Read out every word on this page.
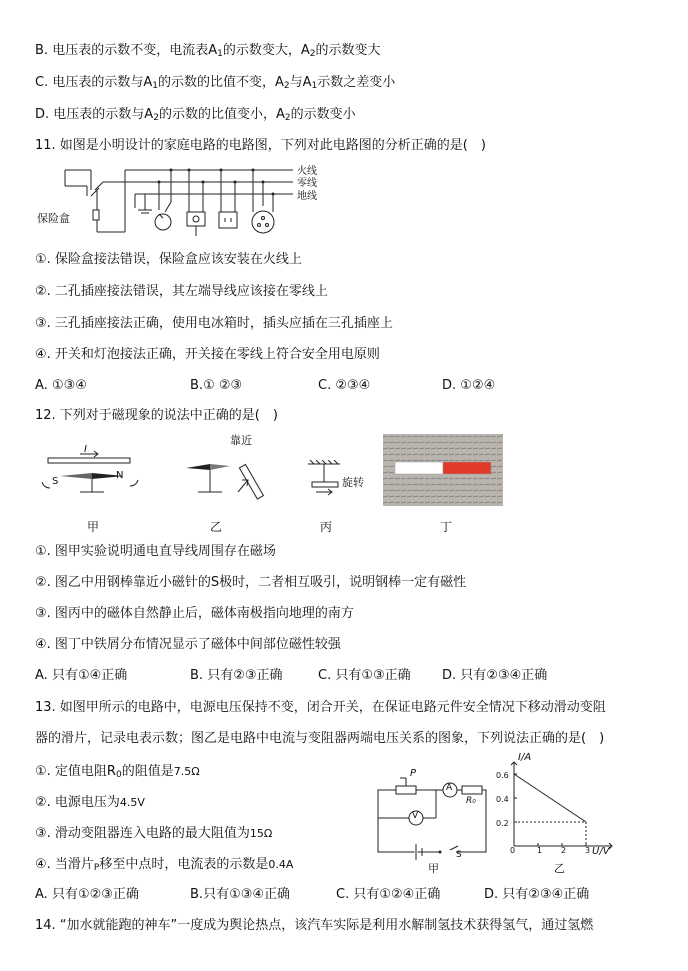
B. 电压表的示数不变，电流表$A_1$的示数变大，$A_2$的示数变大
C. 电压表的示数与$A_1$的示数的比值不变，$A_2$与$A_1$示数之差变小
D. 电压表的示数与$A_2$的示数的比值变小，$A_2$的示数变小
11. 如图是小明设计的家庭电路的电路图，下列对此电路图的分析正确的是(　)
火线
零线
地线
保险盒
①. 保险盒接法错误，保险盒应该安装在火线上
②. 二孔插座接法错误，其左端导线应该接在零线上
③. 三孔插座接法正确，使用电冰箱时，插头应插在三孔插座上
④. 开关和灯泡接法正确，开关接在零线上符合安全用电原则
A. ①③④	B.① ②③	C. ②③④	D. ①②④
12. 下列对于磁现象的说法中正确的是(　)
I
S
N
靠近
旋转
甲	乙	丙	丁
①. 图甲实验说明通电直导线周围存在磁场
②. 图乙中用钢棒靠近小磁针的S极时，二者相互吸引，说明钢棒一定有磁性
③. 图丙中的磁体自然静止后，磁体南极指向地理的南方
④. 图丁中铁屑分布情况显示了磁体中间部位磁性较强
A. 只有①④正确	B. 只有②③正确	C. 只有①③正确 D. 只有②③④正确
13. 如图甲所示的电路中，电源电压保持不变，闭合开关，在保证电路元件安全情况下移动滑动变阻
器的滑片，记录电表示数；图乙是电路中电流与变阻器两端电压关系的图象，下列说法正确的是(　)
①. 定值电阻$R_0$的阻值是7.5Ω
②. 电源电压为4.5V
③. 滑动变阻器连入电路的最大阻值为15Ω
④. 当滑片$_P$移至中点时，电流表的示数是0.4A
P
A
R₀
V
S
甲
I/A
U/V
0.6
0.4
0.2
0	1 2 3
乙
A. 只有①②③正确	B.只有①③④正确	C. 只有①②④正确	D. 只有②③④正确
14. “加水就能跑的神车”一度成为舆论热点，该汽车实际是利用水解制氢技术获得氢气，通过氢燃
